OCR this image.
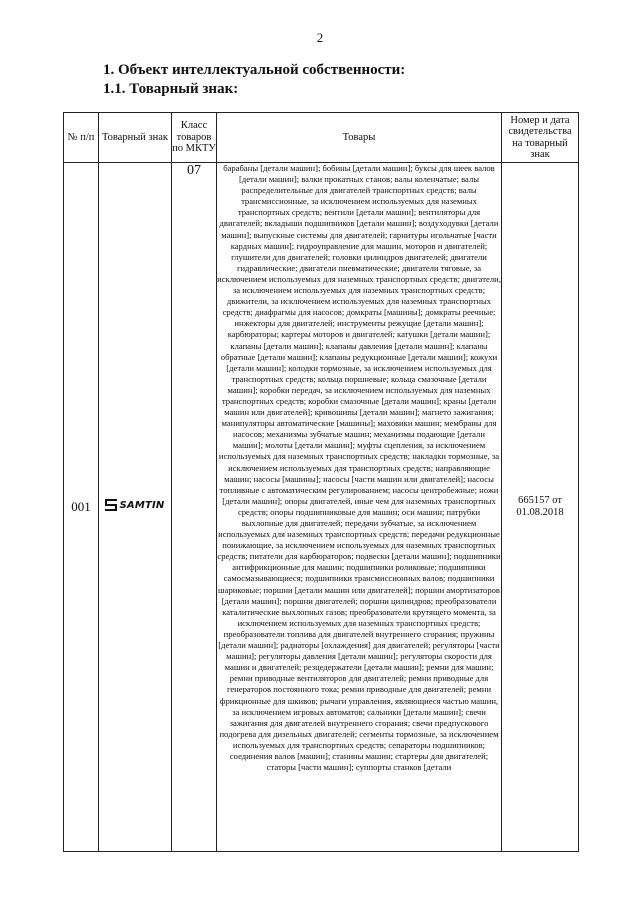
2
1. Объект интеллектуальной собственности:
1.1. Товарный знак:
№ п/п	Товарный знак	Класс товаров по МКТУ	Товары	Номер и дата свидетельства на товарный знак
001	SAMTIN	07	барабаны [детали машин]; бобины [детали машин]; буксы для шеек валов [детали машин]; валки прокатных станов; валы коленчатые; валы распределительные для двигателей транспортных средств; валы трансмиссионные, за исключением используемых для наземных транспортных средств; вентили [детали машин]; вентиляторы для двигателей; вкладыши подшипников [детали машин]; воздуходувки [детали машин]; выпускные системы для двигателей; гарнитуры игольчатые [части кардных машин]; гидроуправление для машин, моторов и двигателей; глушители для двигателей; головки цилиндров двигателей; двигатели гидравлические; двигатели пневматические; двигатели тяговые, за исключением используемых для наземных транспортных средств; двигатели, за исключением используемых для наземных транспортных средств; движители, за исключением используемых для наземных транспортных средств; диафрагмы для насосов; домкраты [машины]; домкраты реечные; инжекторы для двигателей; инструменты режущие [детали машин]; карбюраторы; картеры моторов и двигателей; катушки [детали машин]; клапаны [детали машин]; клапаны давления [детали машин]; клапаны обратные [детали машин]; клапаны редукционные [детали машин]; кожухи [детали машин]; колодки тормозные, за исключением используемых для транспортных средств; кольца поршневые; кольца смазочные [детали машин]; коробки передач, за исключением используемых для наземных транспортных средств; коробки смазочные [детали машин]; краны [детали машин или двигателей]; кривошипы [детали машин]; магнето зажигания; манипуляторы автоматические [машины]; маховики машин; мембраны для насосов; механизмы зубчатые машин; механизмы подающие [детали машин]; молоты [детали машин]; муфты сцепления, за исключением используемых для наземных транспортных средств; накладки тормозные, за исключением используемых для транспортных средств; направляющие машин; насосы [машины]; насосы [части машин или двигателей]; насосы топливные с автоматическим регулированием; насосы центробежные; ножи [детали машин]; опоры двигателей, иные чем для наземных транспортных средств; опоры подшипниковые для машин; оси машин; патрубки выхлопные для двигателей; передачи зубчатые, за исключением используемых для наземных транспортных средств; передачи редукционные понижающие, за исключением используемых для наземных транспортных средств; питатели для карбюраторов; подвески [детали машин]; подшипники антифрикционные для машин; подшипники роликовые; подшипники самосмазывающиеся; подшипники трансмиссионных валов; подшипники шариковые; поршни [детали машин или двигателей]; поршни амортизаторов [детали машин]; поршни двигателей; поршни цилиндров; преобразователи каталитические выхлопных газов; преобразователи крутящего момента, за исключением используемых для наземных транспортных средств; преобразователи топлива для двигателей внутреннего сгорания; пружины [детали машин]; радиаторы [охлаждения] для двигателей; регуляторы [части машин]; регуляторы давления [детали машин]; регуляторы скорости для машин и двигателей; резцедержатели [детали машин]; ремни для машин; ремни приводные вентиляторов для двигателей; ремни приводные для генераторов постоянного тока; ремни приводные для двигателей; ремни фрикционные для шкивов; рычаги управления, являющиеся частью машин, за исключением игровых автоматов; сальники [детали машин]; свечи зажигания для двигателей внутреннего сгорания; свечи предпускового подогрева для дизельных двигателей; сегменты тормозные, за исключением используемых для транспортных средств; сепараторы подшипников; соединения валов [машин]; станины машин; стартеры для двигателей; статоры [части машин]; суппорты станков [детали	665157 от 01.08.2018
